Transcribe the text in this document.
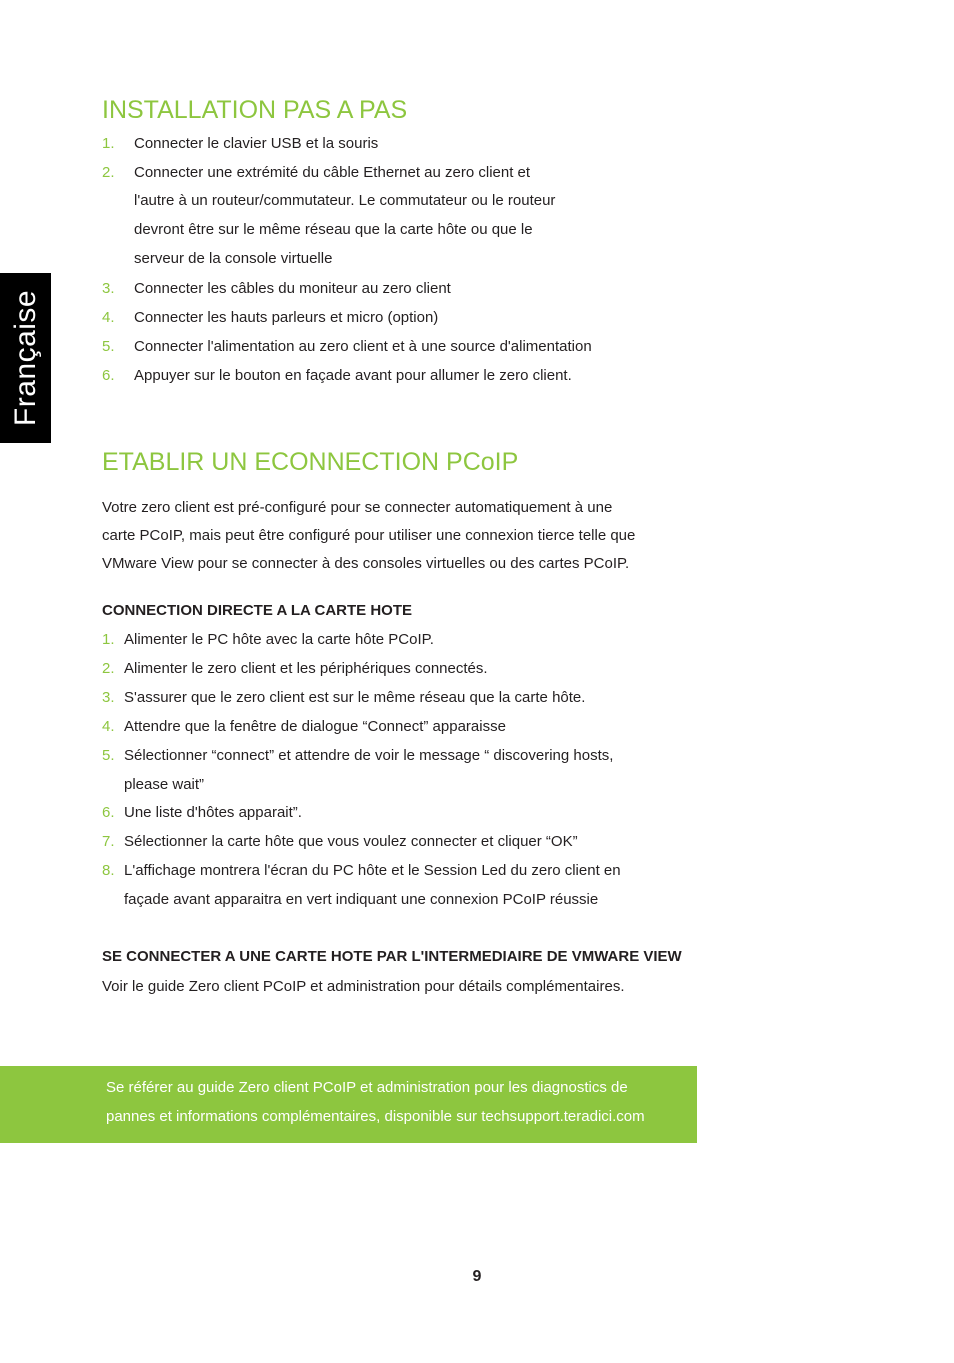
Française
INSTALLATION PAS A PAS
1. Connecter le clavier USB et la souris
2. Connecter une extrémité du câble Ethernet au zero client et
l'autre à un routeur/commutateur. Le commutateur ou le routeur
devront être sur le même réseau que la carte hôte ou que le
serveur de la console virtuelle
3. Connecter les câbles du moniteur au zero client
4. Connecter les hauts parleurs et micro (option)
5. Connecter l'alimentation au zero client et à une source d'alimentation
6. Appuyer sur le bouton en façade avant pour allumer le zero client.
ETABLIR UN ECONNECTION PCoIP
Votre zero client est pré-configuré pour se connecter automatiquement à une
carte PCoIP, mais peut être configuré pour utiliser une connexion tierce telle que
VMware View pour se connecter à des consoles virtuelles ou des cartes PCoIP.
CONNECTION DIRECTE A LA CARTE HOTE
1. Alimenter le PC hôte avec la carte hôte PCoIP.
2. Alimenter le zero client et les périphériques connectés.
3. S'assurer que le zero client est sur le même réseau que la carte hôte.
4. Attendre que la fenêtre de dialogue “Connect” apparaisse
5. Sélectionner “connect” et attendre de voir le message “ discovering hosts,
please wait”
6. Une liste d'hôtes apparait”.
7. Sélectionner la carte hôte que vous voulez connecter et cliquer “OK”
8. L'affichage montrera l'écran du PC hôte et le Session Led du zero client en
façade avant apparaitra en vert indiquant une connexion PCoIP réussie
SE CONNECTER A UNE CARTE HOTE PAR L'INTERMEDIAIRE DE VMWARE VIEW
Voir le guide Zero client PCoIP et administration pour détails complémentaires.
Se référer au guide Zero client PCoIP et administration pour les diagnostics de
pannes et informations complémentaires, disponible sur techsupport.teradici.com
9
